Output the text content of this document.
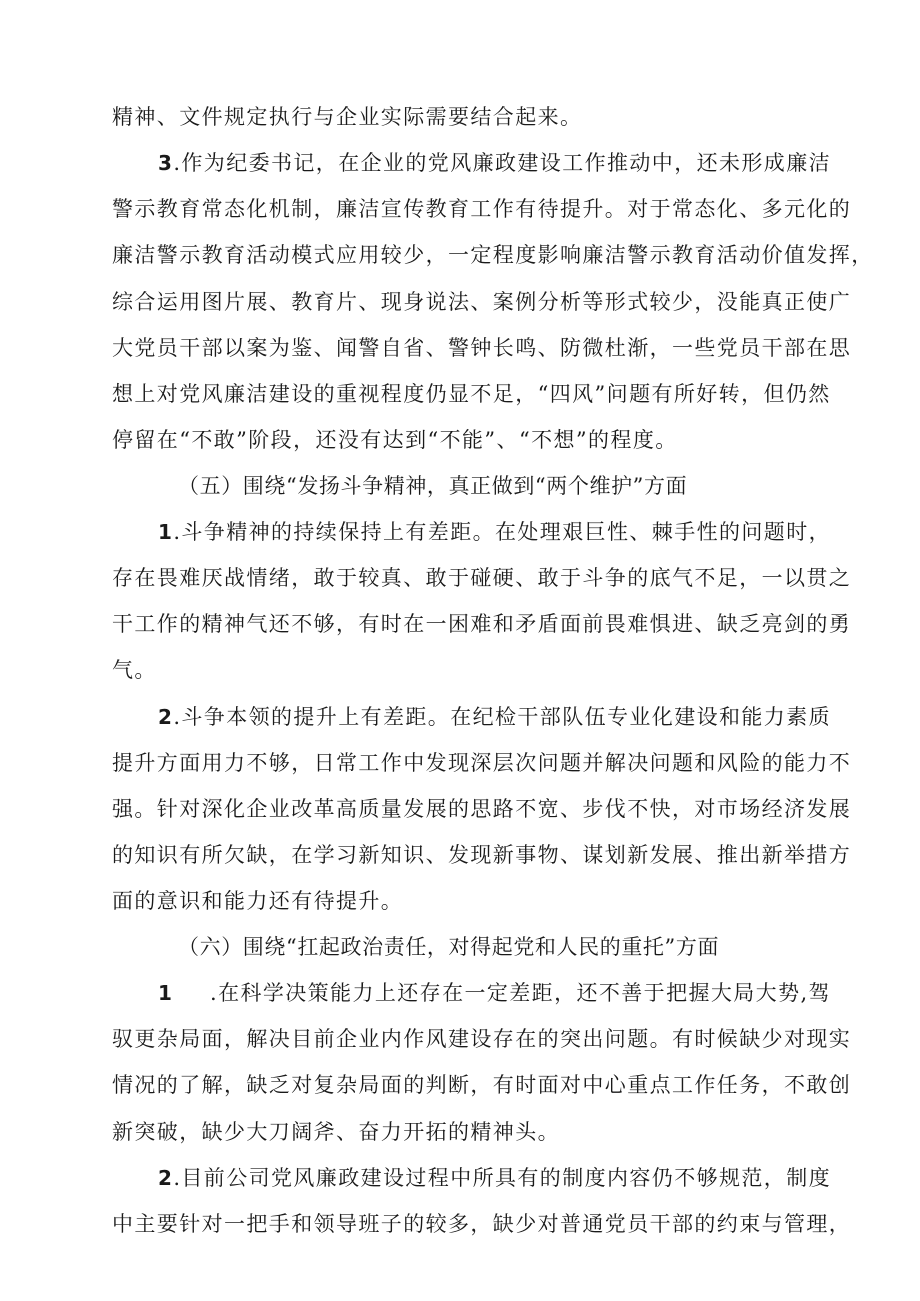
精神、文件规定执行与企业实际需要结合起来。
3.作为纪委书记，在企业的党风廉政建设工作推动中，还未形成廉洁
警示教育常态化机制，廉洁宣传教育工作有待提升。对于常态化、多元化的
廉洁警示教育活动模式应用较少，一定程度影响廉洁警示教育活动价值发挥，
综合运用图片展、教育片、现身说法、案例分析等形式较少，没能真正使广
大党员干部以案为鉴、闻警自省、警钟长鸣、防微杜渐，一些党员干部在思
想上对党风廉洁建设的重视程度仍显不足，“四风”问题有所好转，但仍然
停留在“不敢”阶段，还没有达到“不能”、“不想”的程度。
（五）围绕“发扬斗争精神，真正做到“两个维护”方面
1.斗争精神的持续保持上有差距。在处理艰巨性、棘手性的问题时，
存在畏难厌战情绪，敢于较真、敢于碰硬、敢于斗争的底气不足，一以贯之
干工作的精神气还不够，有时在一困难和矛盾面前畏难惧进、缺乏亮剑的勇
气。
2.斗争本领的提升上有差距。在纪检干部队伍专业化建设和能力素质
提升方面用力不够，日常工作中发现深层次问题并解决问题和风险的能力不
强。针对深化企业改革高质量发展的思路不宽、步伐不快，对市场经济发展
的知识有所欠缺，在学习新知识、发现新事物、谋划新发展、推出新举措方
面的意识和能力还有待提升。
（六）围绕“扛起政治责任，对得起党和人民的重托”方面
1 .在科学决策能力上还存在一定差距，还不善于把握大局大势,驾
驭更杂局面，解决目前企业内作风建设存在的突出问题。有时候缺少对现实
情况的了解，缺乏对复杂局面的判断，有时面对中心重点工作任务，不敢创
新突破，缺少大刀阔斧、奋力开拓的精神头。
2.目前公司党风廉政建设过程中所具有的制度内容仍不够规范，制度
中主要针对一把手和领导班子的较多，缺少对普通党员干部的约束与管理，
